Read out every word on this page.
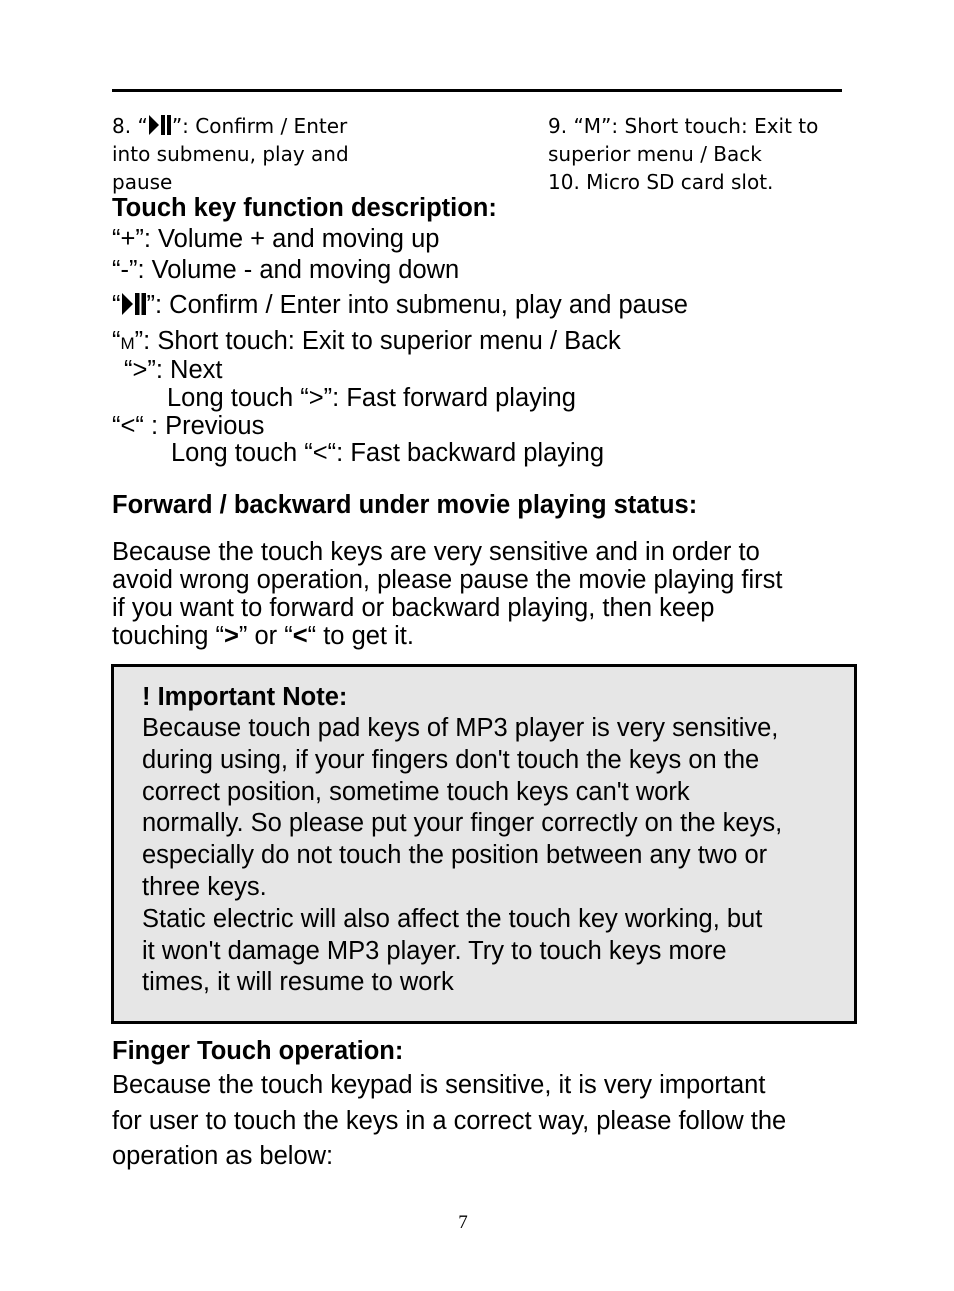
8. “ ”: Confirm / Enter
into submenu, play and
pause
9. “M”: Short touch: Exit to
superior menu / Back
10. Micro SD card slot.
Touch key function description:
“+”: Volume + and moving up
“-”: Volume - and moving down
“ ”: Confirm / Enter into submenu, play and pause
“M”: Short touch: Exit to superior menu / Back
“>”: Next
Long touch “>”: Fast forward playing
“<“ : Previous
Long touch “<“: Fast backward playing
Forward / backward under movie playing status:
Because the touch keys are very sensitive and in order to
avoid wrong operation, please pause the movie playing first
if you want to forward or backward playing, then keep
touching “>” or “<“ to get it.
! Important Note:
Because touch pad keys of MP3 player is very sensitive,
during using, if your fingers don't touch the keys on the
correct position, sometime touch keys can't work
normally. So please put your finger correctly on the keys,
especially do not touch the position between any two or
three keys.
Static electric will also affect the touch key working, but
it won't damage MP3 player. Try to touch keys more
times, it will resume to work
Finger Touch operation:
Because the touch keypad is sensitive, it is very important
for user to touch the keys in a correct way, please follow the
operation as below:
7
